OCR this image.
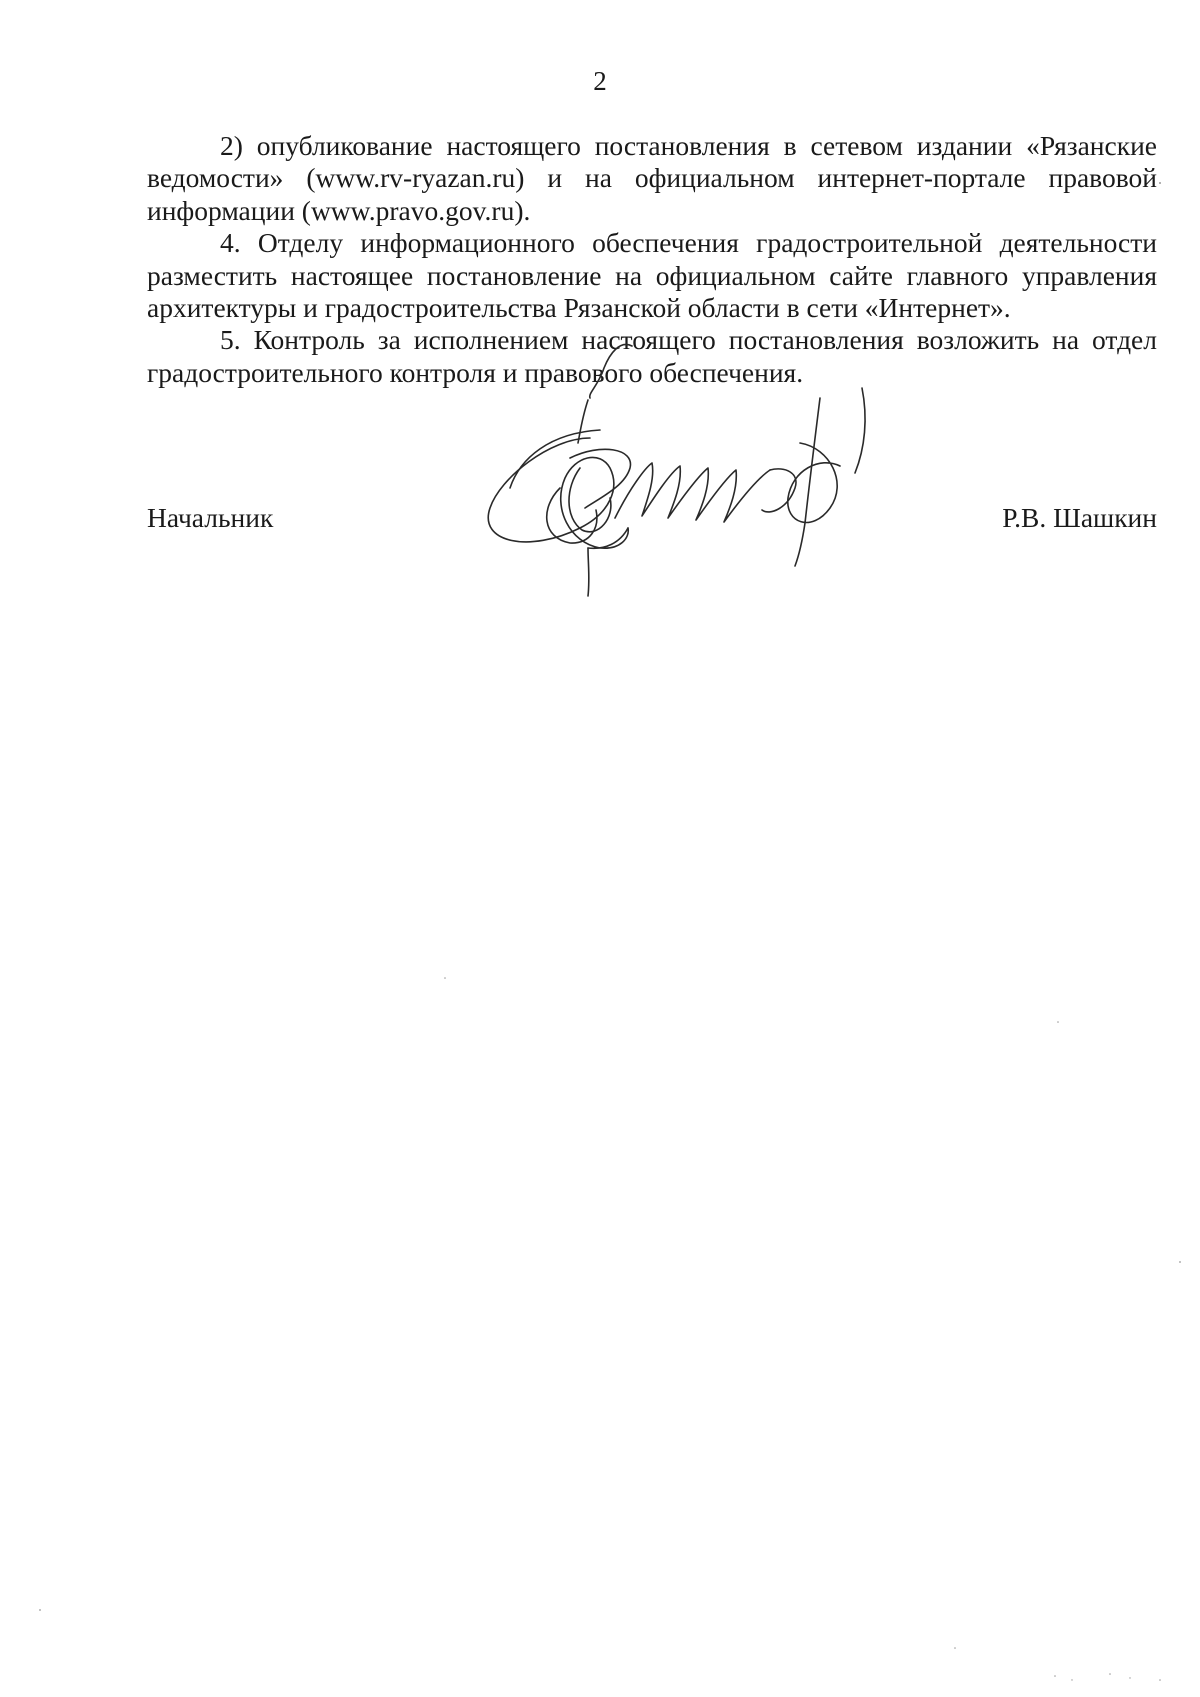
2

2) опубликование настоящего постановления в сетевом издании «Рязанские ведомости» (www.rv-ryazan.ru) и на официальном интернет-портале правовой информации (www.pravo.gov.ru).

4. Отделу информационного обеспечения градостроительной деятельности разместить настоящее постановление на официальном сайте главного управления архитектуры и градостроительства Рязанской области в сети «Интернет».

5. Контроль за исполнением настоящего постановления возложить на отдел градостроительного контроля и правового обеспечения.

Начальник	Р.В. Шашкин
